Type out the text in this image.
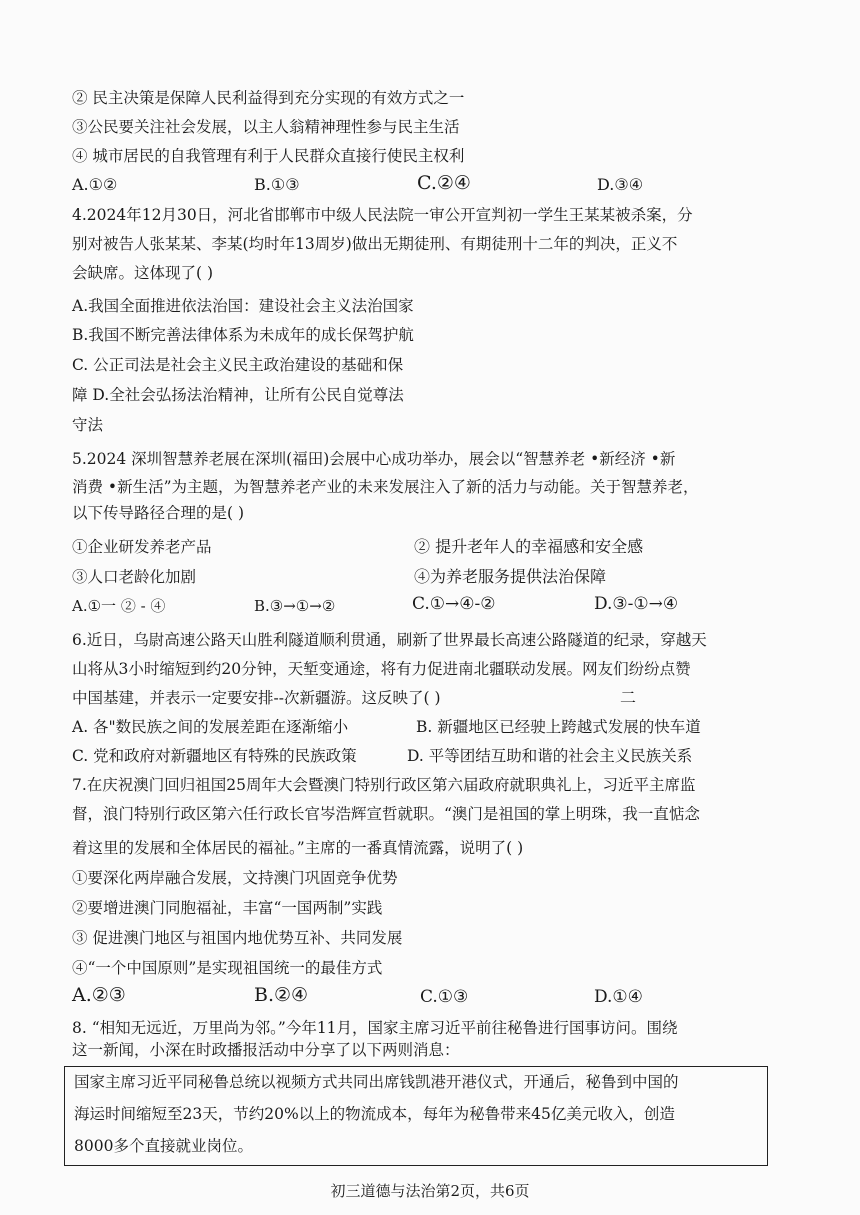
② 民主决策是保障人民利益得到充分实现的有效方式之一
③公民要关注社会发展，以主人翁精神理性参与民主生活
④ 城市居民的自我管理有利于人民群众直接行使民主权利
A.①②	B.①③	C.②④	D.③④
4.2024年12月30日，河北省邯郸市中级人民法院一审公开宣判初一学生王某某被杀案，分
别对被告人张某某、李某(均时年13周岁)做出无期徒刑、有期徒刑十二年的判决，正义不
会缺席。这体现了( )
A.我国全面推进依法治国：建设社会主义法治国家
B.我国不断完善法律体系为未成年的成长保驾护航
C. 公正司法是社会主义民主政治建设的基础和保
障 D.全社会弘扬法治精神，让所有公民自觉尊法
守法
5.2024 深圳智慧养老展在深圳(福田)会展中心成功举办，展会以“智慧养老 •新经济 •新
消费 •新生活”为主题，为智慧养老产业的未来发展注入了新的活力与动能。关于智慧养老，
以下传导路径合理的是( )
①企业研发养老产品	② 提升老年人的幸福感和安全感
③人口老龄化加剧	④为养老服务提供法治保障
A.①一 ② - ④	B.③→①→②	C.①→④-②	D.③-①→④
6.近日，乌尉高速公路天山胜利隧道顺利贯通，刷新了世界最长高速公路隧道的纪录，穿越天
山将从3小时缩短到约20分钟，天堑变通途，将有力促进南北疆联动发展。网友们纷纷点赞
中国基建，并表示一定要安排--次新疆游。这反映了( )	二
A. 各"数民族之间的发展差距在逐渐缩小	B. 新疆地区已经驶上跨越式发展的快车道
C. 党和政府对新疆地区有特殊的民族政策	D. 平等团结互助和谐的社会主义民族关系
7.在庆祝澳门回归祖国25周年大会暨澳门特别行政区第六届政府就职典礼上，习近平主席监
督，浪门特别行政区第六任行政长官岑浩辉宣哲就职。“澳门是祖国的掌上明珠，我一直惦念
着这里的发展和全体居民的福祉。”主席的一番真情流露，说明了( )
①要深化两岸融合发展，文持澳门巩固竞争优势
②要增进澳门同胞福祉，丰富“一国两制”实践
③ 促进澳门地区与祖国内地优势互补、共同发展
④“一个中国原则”是实现祖国统一的最佳方式
A.②③	B.②④	C.①③	D.①④
8. “相知无远近，万里尚为邻。”今年11月，国家主席习近平前往秘鲁进行国事访问。围绕
这一新闻，小深在时政播报活动中分享了以下两则消息：
国家主席习近平同秘鲁总统以视频方式共同出席钱凯港开港仪式，开通后，秘鲁到中国的
海运时间缩短至23天，节约20%以上的物流成本，每年为秘鲁带来45亿美元收入，创造
8000多个直接就业岗位。
初三道德与法治第2页，共6页
